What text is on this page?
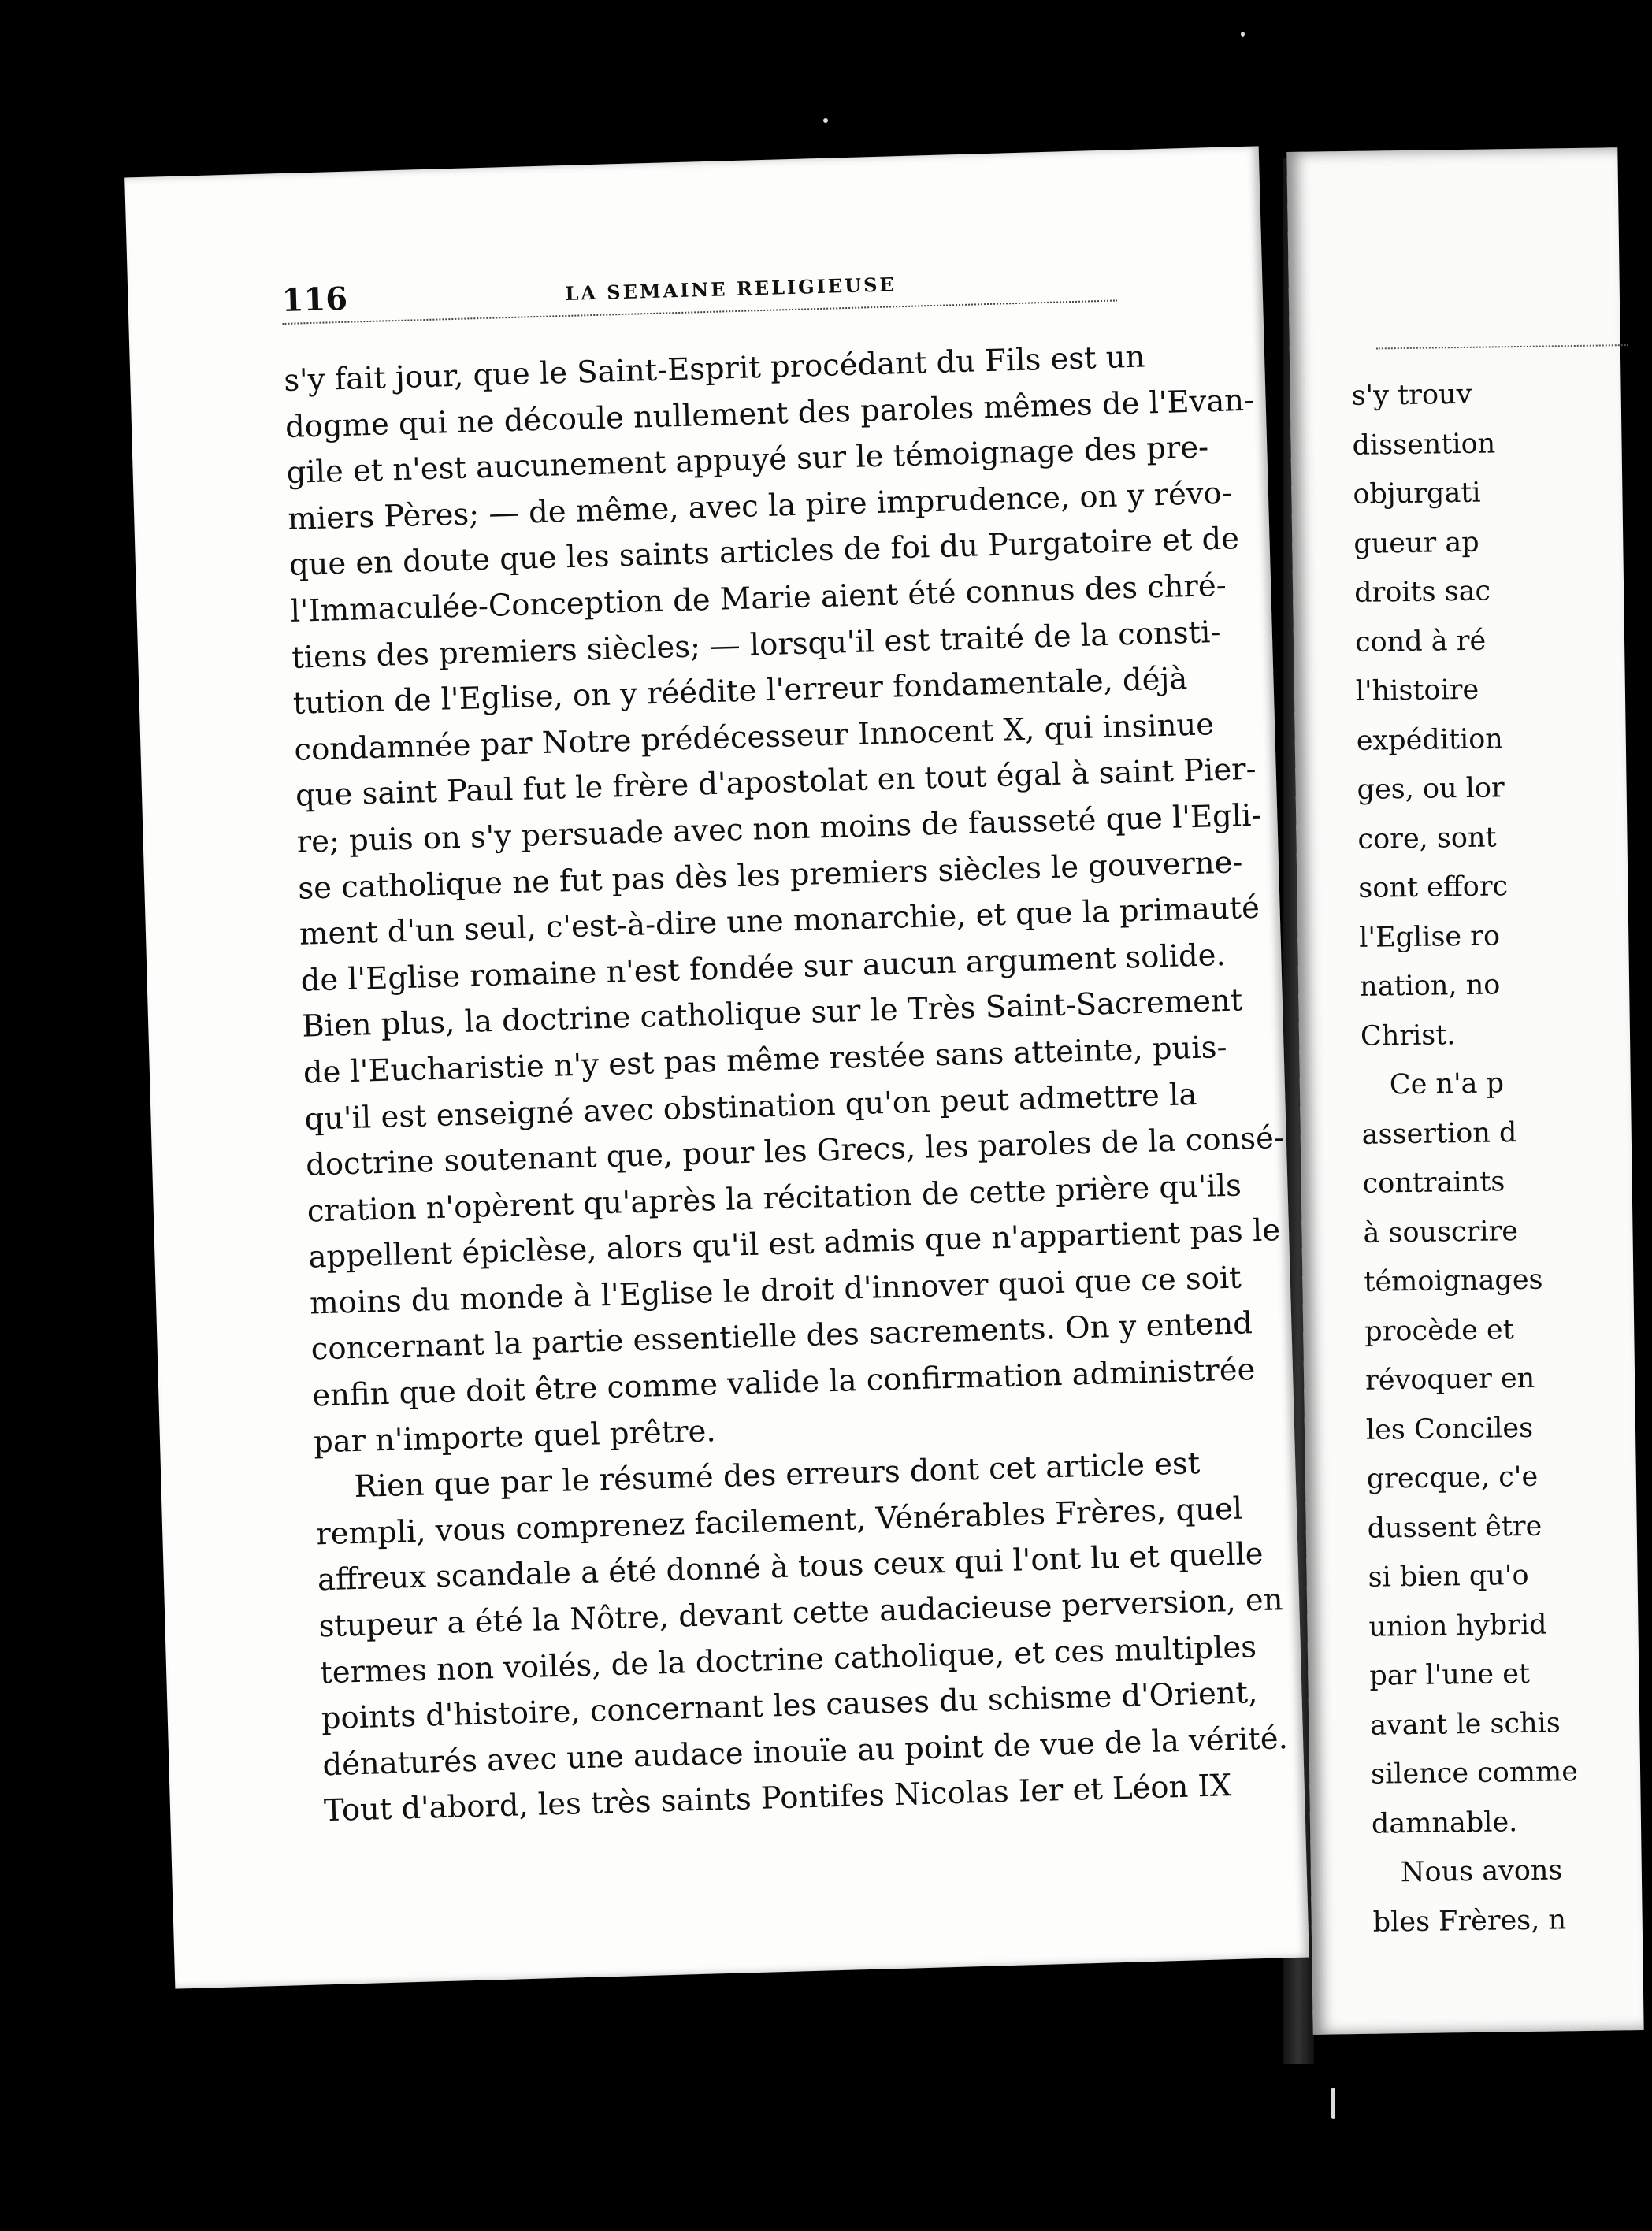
116	LA SEMAINE RELIGIEUSE
s'y fait jour, que le Saint-Esprit procédant du Fils est un
dogme qui ne découle nullement des paroles mêmes de l'Evan-
gile et n'est aucunement appuyé sur le témoignage des pre-
miers Pères; — de même, avec la pire imprudence, on y révo-
que en doute que les saints articles de foi du Purgatoire et de
l'Immaculée-Conception de Marie aient été connus des chré-
tiens des premiers siècles; — lorsqu'il est traité de la consti-
tution de l'Eglise, on y réédite l'erreur fondamentale, déjà
condamnée par Notre prédécesseur Innocent X, qui insinue
que saint Paul fut le frère d'apostolat en tout égal à saint Pier-
re; puis on s'y persuade avec non moins de fausseté que l'Egli-
se catholique ne fut pas dès les premiers siècles le gouverne-
ment d'un seul, c'est-à-dire une monarchie, et que la primauté
de l'Eglise romaine n'est fondée sur aucun argument solide.
Bien plus, la doctrine catholique sur le Très Saint-Sacrement
de l'Eucharistie n'y est pas même restée sans atteinte, puis-
qu'il est enseigné avec obstination qu'on peut admettre la
doctrine soutenant que, pour les Grecs, les paroles de la consé-
cration n'opèrent qu'après la récitation de cette prière qu'ils
appellent épiclèse, alors qu'il est admis que n'appartient pas le
moins du monde à l'Eglise le droit d'innover quoi que ce soit
concernant la partie essentielle des sacrements. On y entend
enfin que doit être comme valide la confirmation administrée
par n'importe quel prêtre.
Rien que par le résumé des erreurs dont cet article est
rempli, vous comprenez facilement, Vénérables Frères, quel
affreux scandale a été donné à tous ceux qui l'ont lu et quelle
stupeur a été la Nôtre, devant cette audacieuse perversion, en
termes non voilés, de la doctrine catholique, et ces multiples
points d'histoire, concernant les causes du schisme d'Orient,
dénaturés avec une audace inouïe au point de vue de la vérité.
Tout d'abord, les très saints Pontifes Nicolas Ier et Léon IX
s'y trouv
dissention
objurgati
gueur ap
droits sac
cond à ré
l'histoire
expédition
ges, ou lor
core, sont
sont efforc
l'Eglise ro
nation, no
Christ.
Ce n'a p
assertion d
contraints
à souscrire
témoignages
procède et
révoquer en
les Conciles
grecque, c'e
dussent être
si bien qu'o
union hybrid
par l'une et
avant le schis
silence comme
damnable.
Nous avons
bles Frères, n
